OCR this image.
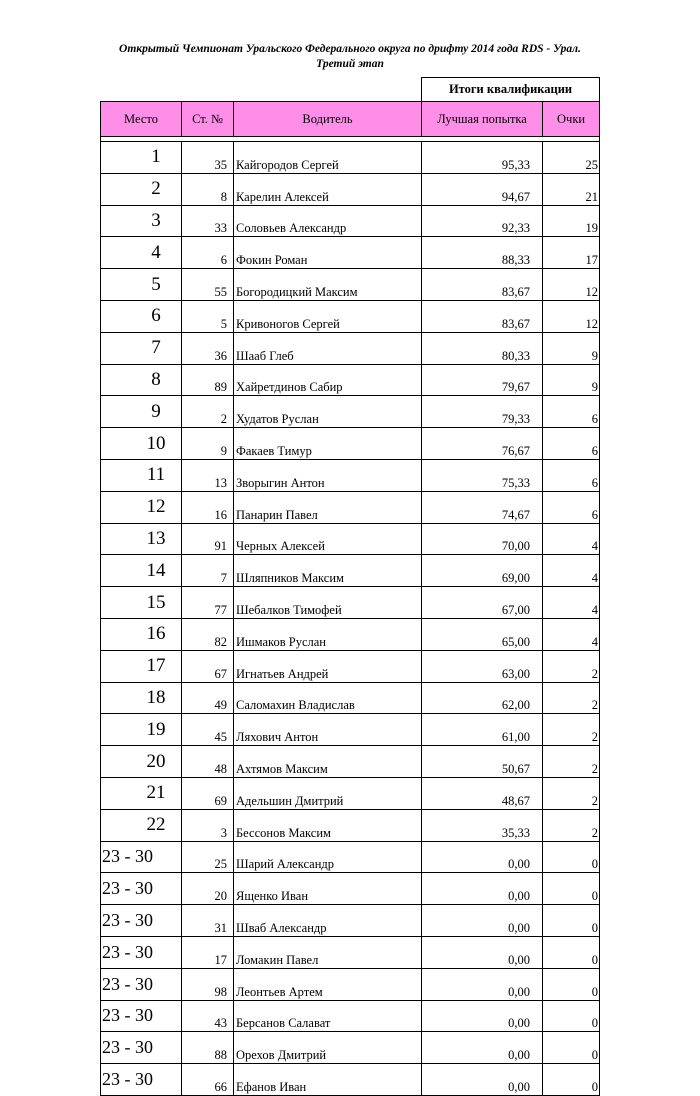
Открытый Чемпионат Уральского Федерального округа по дрифту 2014 года RDS - Урал.
Третий этап
			Итоги квалификации	
Место	Ст. №	Водитель	Лучшая попытка	Очки

1	35	Кайгородов Сергей	95,33	25
2	8	Карелин Алексей	94,67	21
3	33	Соловьев Александр	92,33	19
4	6	Фокин Роман	88,33	17
5	55	Богородицкий Максим	83,67	12
6	5	Кривоногов Сергей	83,67	12
7	36	Шааб Глеб	80,33	9
8	89	Хайретдинов Сабир	79,67	9
9	2	Худатов Руслан	79,33	6
10	9	Факаев Тимур	76,67	6
11	13	Зворыгин Антон	75,33	6
12	16	Панарин Павел	74,67	6
13	91	Черных Алексей	70,00	4
14	7	Шляпников Максим	69,00	4
15	77	Шебалков Тимофей	67,00	4
16	82	Ишмаков Руслан	65,00	4
17	67	Игнатьев Андрей	63,00	2
18	49	Саломахин Владислав	62,00	2
19	45	Ляхович Антон	61,00	2
20	48	Ахтямов Максим	50,67	2
21	69	Адельшин Дмитрий	48,67	2
22	3	Бессонов Максим	35,33	2
23 - 30	25	Шарий Александр	0,00	0
23 - 30	20	Ященко Иван	0,00	0
23 - 30	31	Шваб Александр	0,00	0
23 - 30	17	Ломакин Павел	0,00	0
23 - 30	98	Леонтьев Артем	0,00	0
23 - 30	43	Берсанов Салават	0,00	0
23 - 30	88	Орехов Дмитрий	0,00	0
23 - 30	66	Ефанов Иван	0,00	0
